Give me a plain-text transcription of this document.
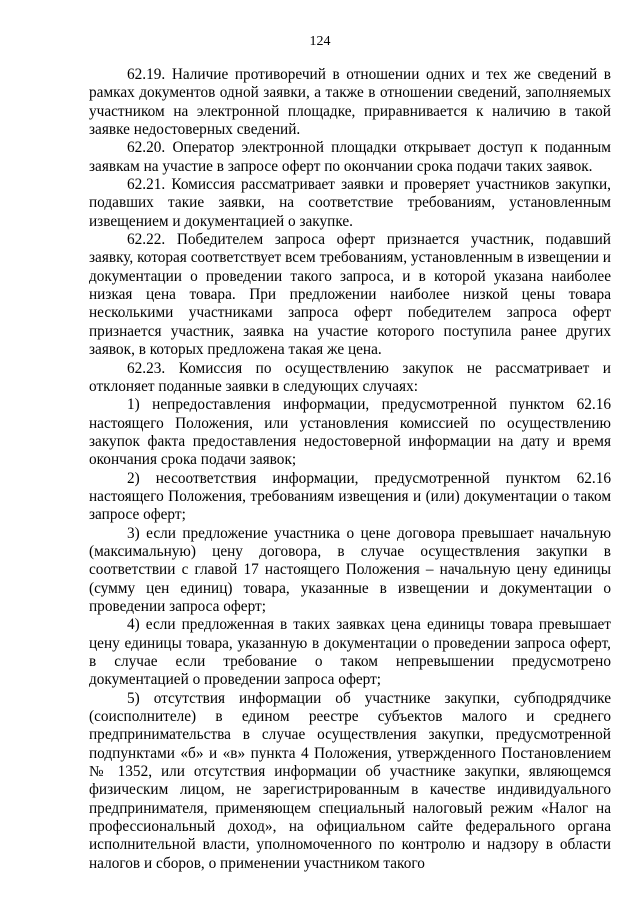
124

62.19. Наличие противоречий в отношении одних и тех же сведений в рамках документов одной заявки, а также в отношении сведений, заполняемых участником на электронной площадке, приравнивается к наличию в такой заявке недостоверных сведений.

62.20. Оператор электронной площадки открывает доступ к поданным заявкам на участие в запросе оферт по окончании срока подачи таких заявок.

62.21. Комиссия рассматривает заявки и проверяет участников закупки, подавших такие заявки, на соответствие требованиям, установленным извещением и документацией о закупке.

62.22. Победителем запроса оферт признается участник, подавший заявку, которая соответствует всем требованиям, установленным в извещении и документации о проведении такого запроса, и в которой указана наиболее низкая цена товара. При предложении наиболее низкой цены товара несколькими участниками запроса оферт победителем запроса оферт признается участник, заявка на участие которого поступила ранее других заявок, в которых предложена такая же цена.

62.23. Комиссия по осуществлению закупок не рассматривает и отклоняет поданные заявки в следующих случаях:

1) непредоставления информации, предусмотренной пунктом 62.16 настоящего Положения, или установления комиссией по осуществлению закупок факта предоставления недостоверной информации на дату и время окончания срока подачи заявок;

2) несоответствия информации, предусмотренной пунктом 62.16 настоящего Положения, требованиям извещения и (или) документации о таком запросе оферт;

3) если предложение участника о цене договора превышает начальную (максимальную) цену договора, в случае осуществления закупки в соответствии с главой 17 настоящего Положения – начальную цену единицы (сумму цен единиц) товара, указанные в извещении и документации о проведении запроса оферт;

4) если предложенная в таких заявках цена единицы товара превышает цену единицы товара, указанную в документации о проведении запроса оферт, в случае если требование о таком непревышении предусмотрено документацией о проведении запроса оферт;

5) отсутствия информации об участнике закупки, субподрядчике (соисполнителе) в едином реестре субъектов малого и среднего предпринимательства в случае осуществления закупки, предусмотренной подпунктами «б» и «в» пункта 4 Положения, утвержденного Постановлением № 1352, или отсутствия информации об участнике закупки, являющемся физическим лицом, не зарегистрированным в качестве индивидуального предпринимателя, применяющем специальный налоговый режим «Налог на профессиональный доход», на официальном сайте федерального органа исполнительной власти, уполномоченного по контролю и надзору в области налогов и сборов, о применении участником такого
